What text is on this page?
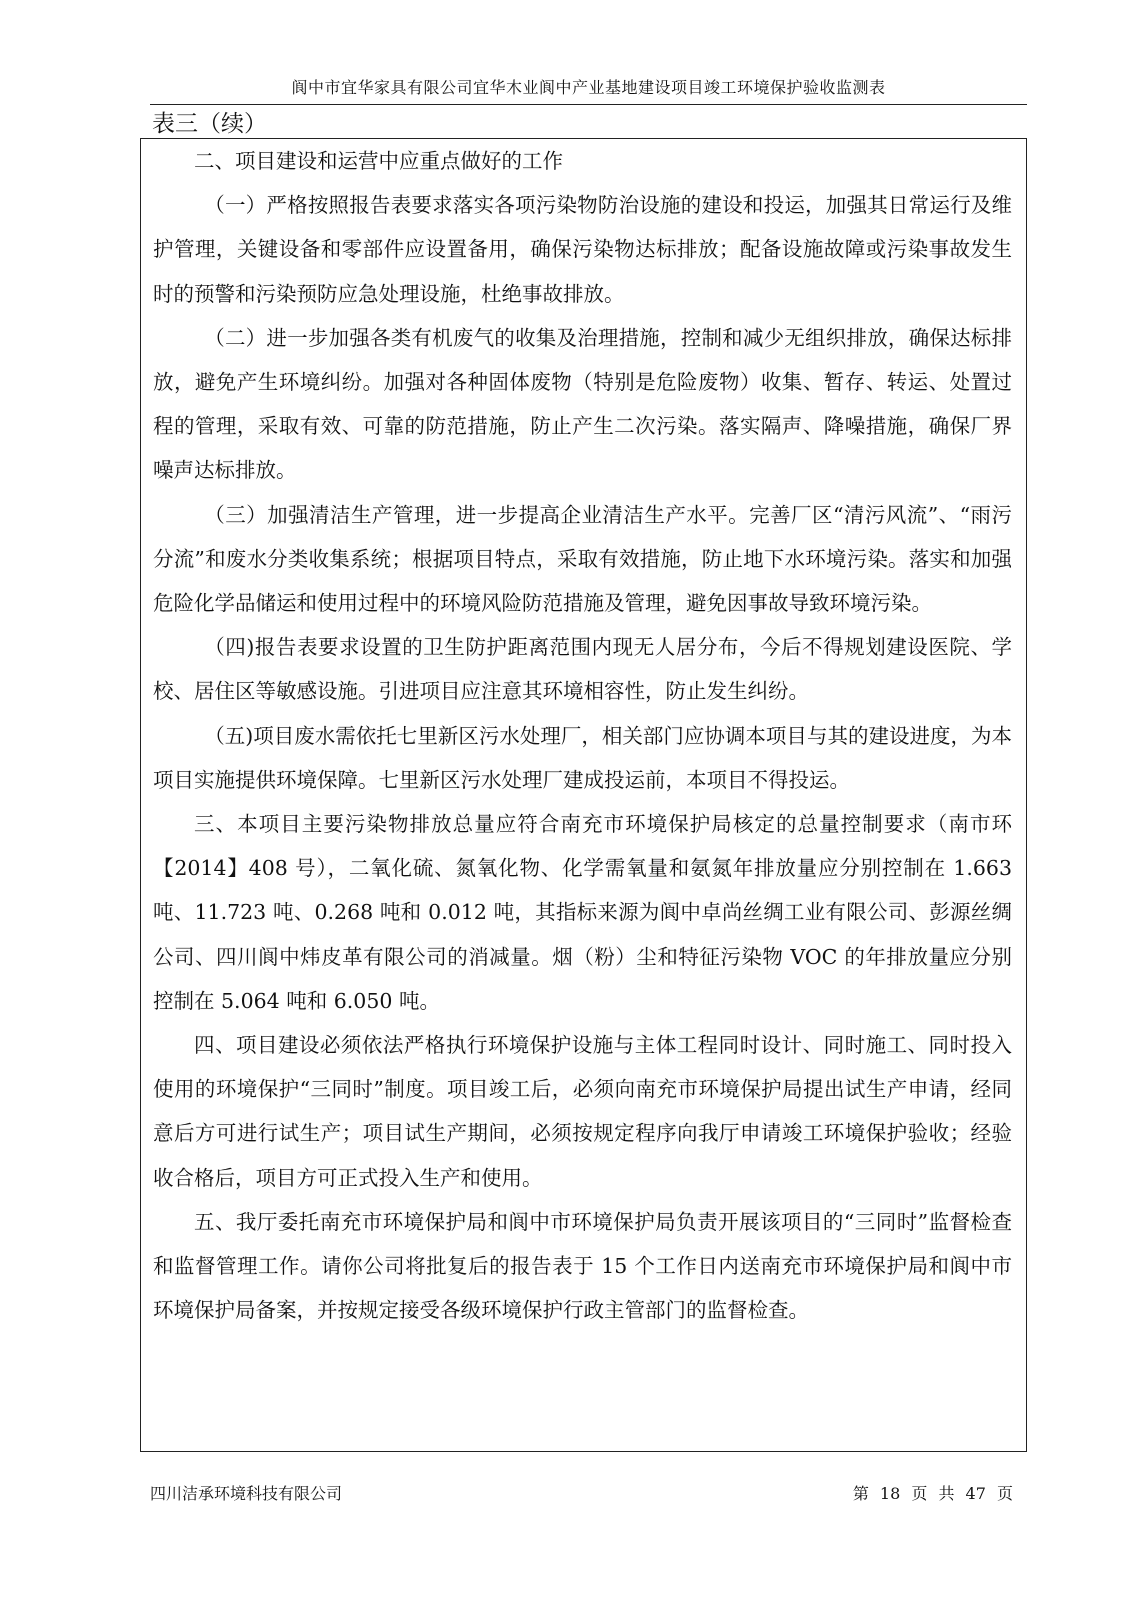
阆中市宜华家具有限公司宜华木业阆中产业基地建设项目竣工环境保护验收监测表
表三（续）

二、项目建设和运营中应重点做好的工作

（一）严格按照报告表要求落实各项污染物防治设施的建设和投运，加强其日常运行及维护管理，关键设备和零部件应设置备用，确保污染物达标排放；配备设施故障或污染事故发生时的预警和污染预防应急处理设施，杜绝事故排放。

（二）进一步加强各类有机废气的收集及治理措施，控制和减少无组织排放，确保达标排放，避免产生环境纠纷。加强对各种固体废物（特别是危险废物）收集、暂存、转运、处置过程的管理，采取有效、可靠的防范措施，防止产生二次污染。落实隔声、降噪措施，确保厂界噪声达标排放。

（三）加强清洁生产管理，进一步提高企业清洁生产水平。完善厂区“清污风流”、“雨污分流”和废水分类收集系统；根据项目特点，采取有效措施，防止地下水环境污染。落实和加强危险化学品储运和使用过程中的环境风险防范措施及管理，避免因事故导致环境污染。

（四)报告表要求设置的卫生防护距离范围内现无人居分布，今后不得规划建设医院、学校、居住区等敏感设施。引进项目应注意其环境相容性，防止发生纠纷。

（五)项目废水需依托七里新区污水处理厂，相关部门应协调本项目与其的建设进度，为本项目实施提供环境保障。七里新区污水处理厂建成投运前，本项目不得投运。

三、本项目主要污染物排放总量应符合南充市环境保护局核定的总量控制要求（南市环【2014】408 号），二氧化硫、氮氧化物、化学需氧量和氨氮年排放量应分别控制在 1.663 吨、11.723 吨、0.268 吨和 0.012 吨，其指标来源为阆中卓尚丝绸工业有限公司、彭源丝绸公司、四川阆中炜皮革有限公司的消减量。烟（粉）尘和特征污染物 VOC 的年排放量应分别控制在 5.064 吨和 6.050 吨。

四、项目建设必须依法严格执行环境保护设施与主体工程同时设计、同时施工、同时投入使用的环境保护“三同时”制度。项目竣工后，必须向南充市环境保护局提出试生产申请，经同意后方可进行试生产；项目试生产期间，必须按规定程序向我厅申请竣工环境保护验收；经验收合格后，项目方可正式投入生产和使用。

五、我厅委托南充市环境保护局和阆中市环境保护局负责开展该项目的“三同时”监督检查和监督管理工作。请你公司将批复后的报告表于 15 个工作日内送南充市环境保护局和阆中市环境保护局备案，并按规定接受各级环境保护行政主管部门的监督检查。

四川洁承环境科技有限公司	第 18 页 共 47 页
